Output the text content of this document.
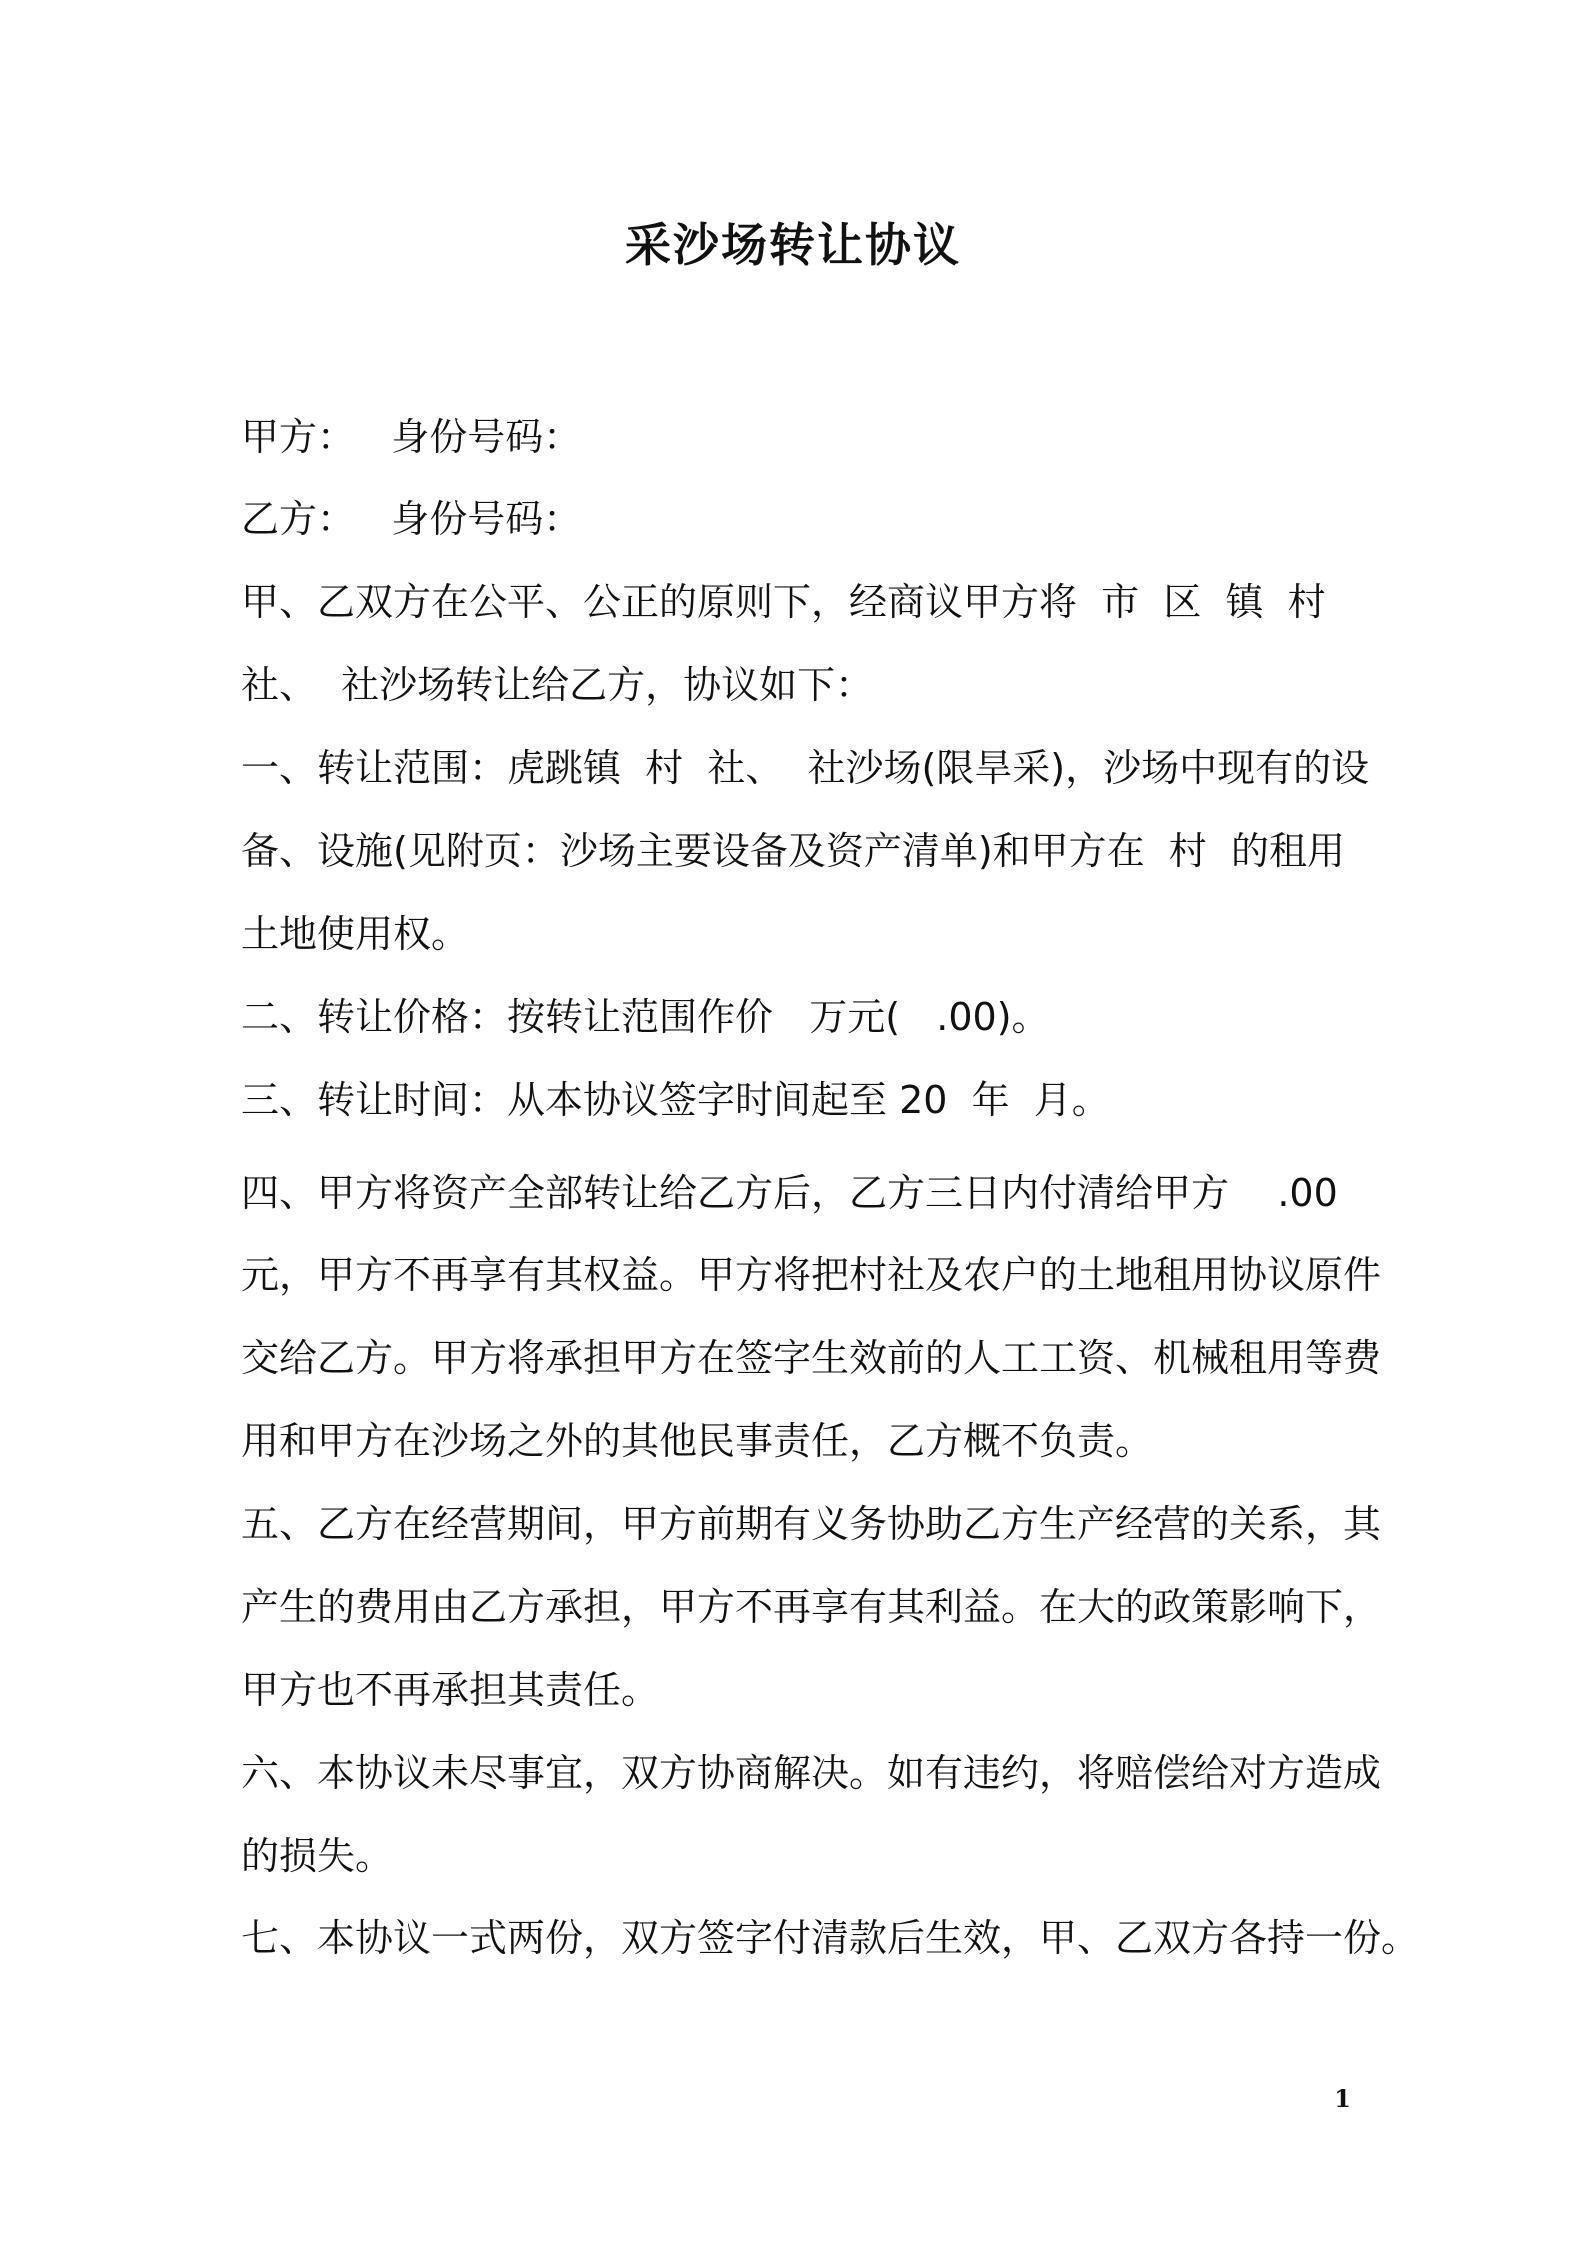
采沙场转让协议
甲方：   身份号码：
乙方：   身份号码：
甲、乙双方在公平、公正的原则下，经商议甲方将  市  区  镇  村
社、  社沙场转让给乙方，协议如下：
一、转让范围：虎跳镇  村  社、  社沙场(限旱采)，沙场中现有的设
备、设施(见附页：沙场主要设备及资产清单)和甲方在  村  的租用
土地使用权。
二、转让价格：按转让范围作价   万元(   .00)。
三、转让时间：从本协议签字时间起至 20  年  月。
四、甲方将资产全部转让给乙方后，乙方三日内付清给甲方    .00
元，甲方不再享有其权益。甲方将把村社及农户的土地租用协议原件
交给乙方。甲方将承担甲方在签字生效前的人工工资、机械租用等费
用和甲方在沙场之外的其他民事责任，乙方概不负责。
五、乙方在经营期间，甲方前期有义务协助乙方生产经营的关系，其
产生的费用由乙方承担，甲方不再享有其利益。在大的政策影响下，
甲方也不再承担其责任。
六、本协议未尽事宜，双方协商解决。如有违约，将赔偿给对方造成
的损失。
七、本协议一式两份，双方签字付清款后生效，甲、乙双方各持一份。
1
